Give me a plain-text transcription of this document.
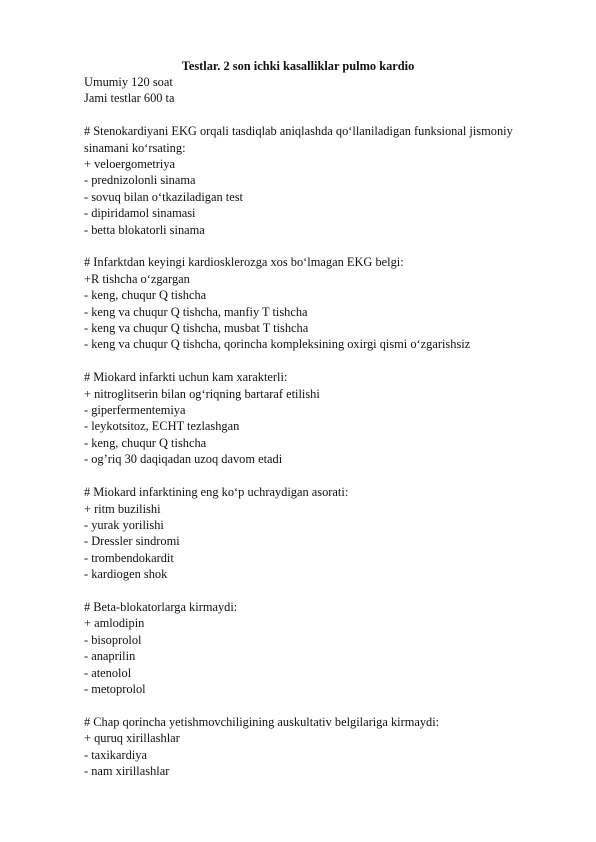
Testlar. 2 son ichki kasalliklar pulmo kardio
Umumiy 120 soat
Jami testlar 600 ta
# Stenokardiyani EKG orqali tasdiqlab aniqlashda qo‘llaniladigan funksional jismoniy sinamani ko‘rsating:
+ veloergometriya
- prednizolonli sinama
- sovuq bilan o‘tkaziladigan test
- dipiridamol sinamasi
- betta blokatorli sinama
# Infarktdan keyingi kardiosklerozga xos bo‘lmagan EKG belgi:
+R tishcha o‘zgargan
- keng, chuqur Q tishcha
- keng va chuqur Q tishcha, manfiy T tishcha
- keng va chuqur Q tishcha, musbat T tishcha
- keng va chuqur Q tishcha, qorincha kompleksining oxirgi qismi o‘zgarishsiz
# Miokard infarkti uchun kam xarakterli:
+ nitroglitserin bilan og‘riqning bartaraf etilishi
- giperfermentemiya
- leykotsitoz, ECHT tezlashgan
- keng, chuqur Q tishcha
- og’riq 30 daqiqadan uzoq davom etadi
# Miokard infarktining eng ko‘p uchraydigan asorati:
+ ritm buzilishi
- yurak yorilishi
- Dressler sindromi
- trombendokardit
- kardiogen shok
# Beta-blokatorlarga kirmaydi:
+ amlodipin
- bisoprolol
- anaprilin
- atenolol
- metoprolol
# Chap qorincha yetishmovchiligining auskultativ belgilariga kirmaydi:
+ quruq xirillashlar
- taxikardiya
- nam xirillashlar
